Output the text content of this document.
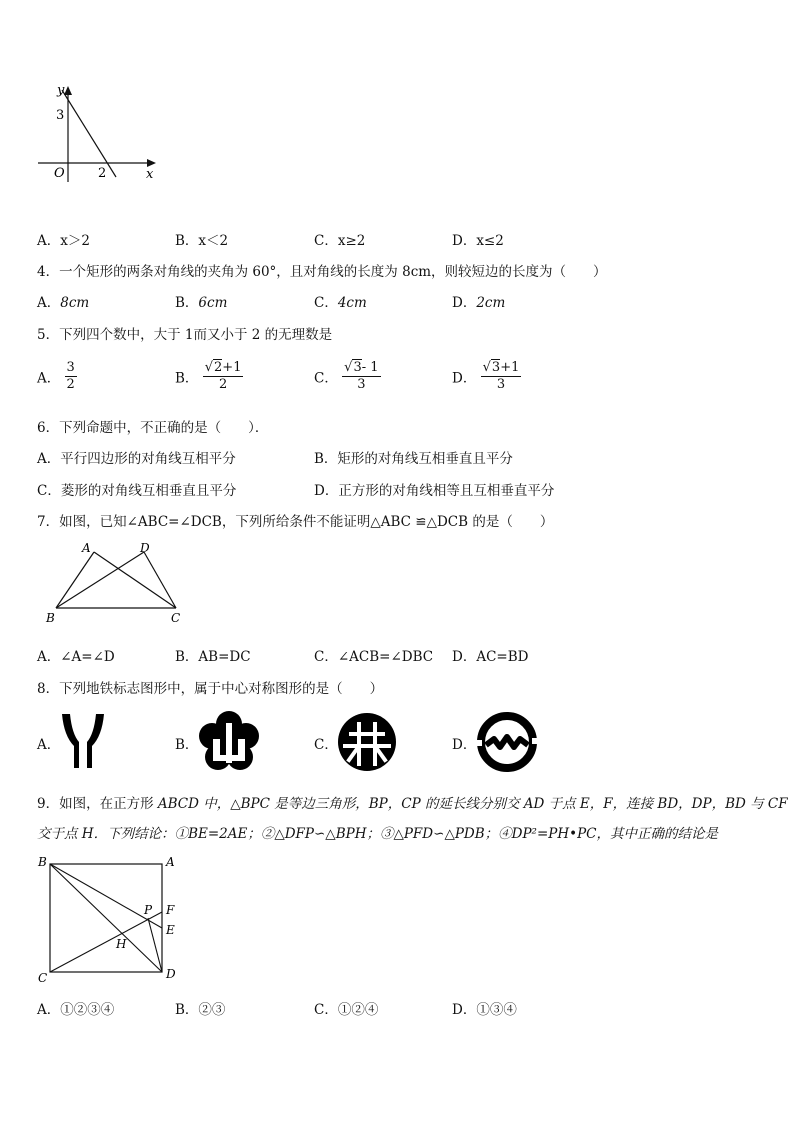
y
x
O
3
2
A．x＞2	B．x＜2	C．x≥2	D．x≤2
4．一个矩形的两条对角线的夹角为 60°，且对角线的长度为 8cm，则较短边的长度为（　　）
A．8cm	B．6cm	C．4cm	D．2cm
5．下列四个数中，大于 1而又小于 2 的无理数是
A． $\frac{3}{2}$	B． $\frac{√2+1}{2}$	C． $\frac{√3- 1}{3}$	D． $\frac{√3+1}{3}$
6．下列命题中，不正确的是（　　）．
A．平行四边形的对角线互相平分	B．矩形的对角线互相垂直且平分
C．菱形的对角线互相垂直且平分	D．正方形的对角线相等且互相垂直平分
7．如图，已知∠ABC=∠DCB，下列所给条件不能证明△ABC ≌△DCB 的是（　　）
A	D
B	C
A．∠A=∠D	B．AB=DC	C．∠ACB=∠DBC D．AC=BD
8．下列地铁标志图形中，属于中心对称图形的是（　　）
A．	B．	C．	D．
9．如图，在正方形 ABCD 中，△BPC 是等边三角形，BP，CP 的延长线分别交 AD 于点 E，F，连接 BD，DP，BD 与 CF
交于点 H．下列结论：①BE=2AE；②△DFP∽△BPH；③△PFD∽△PDB；④DP²=PH•PC，其中正确的结论是
B	A
P F
E
H
C	D
A．①②③④	B．②③	C．①②④	D．①③④
